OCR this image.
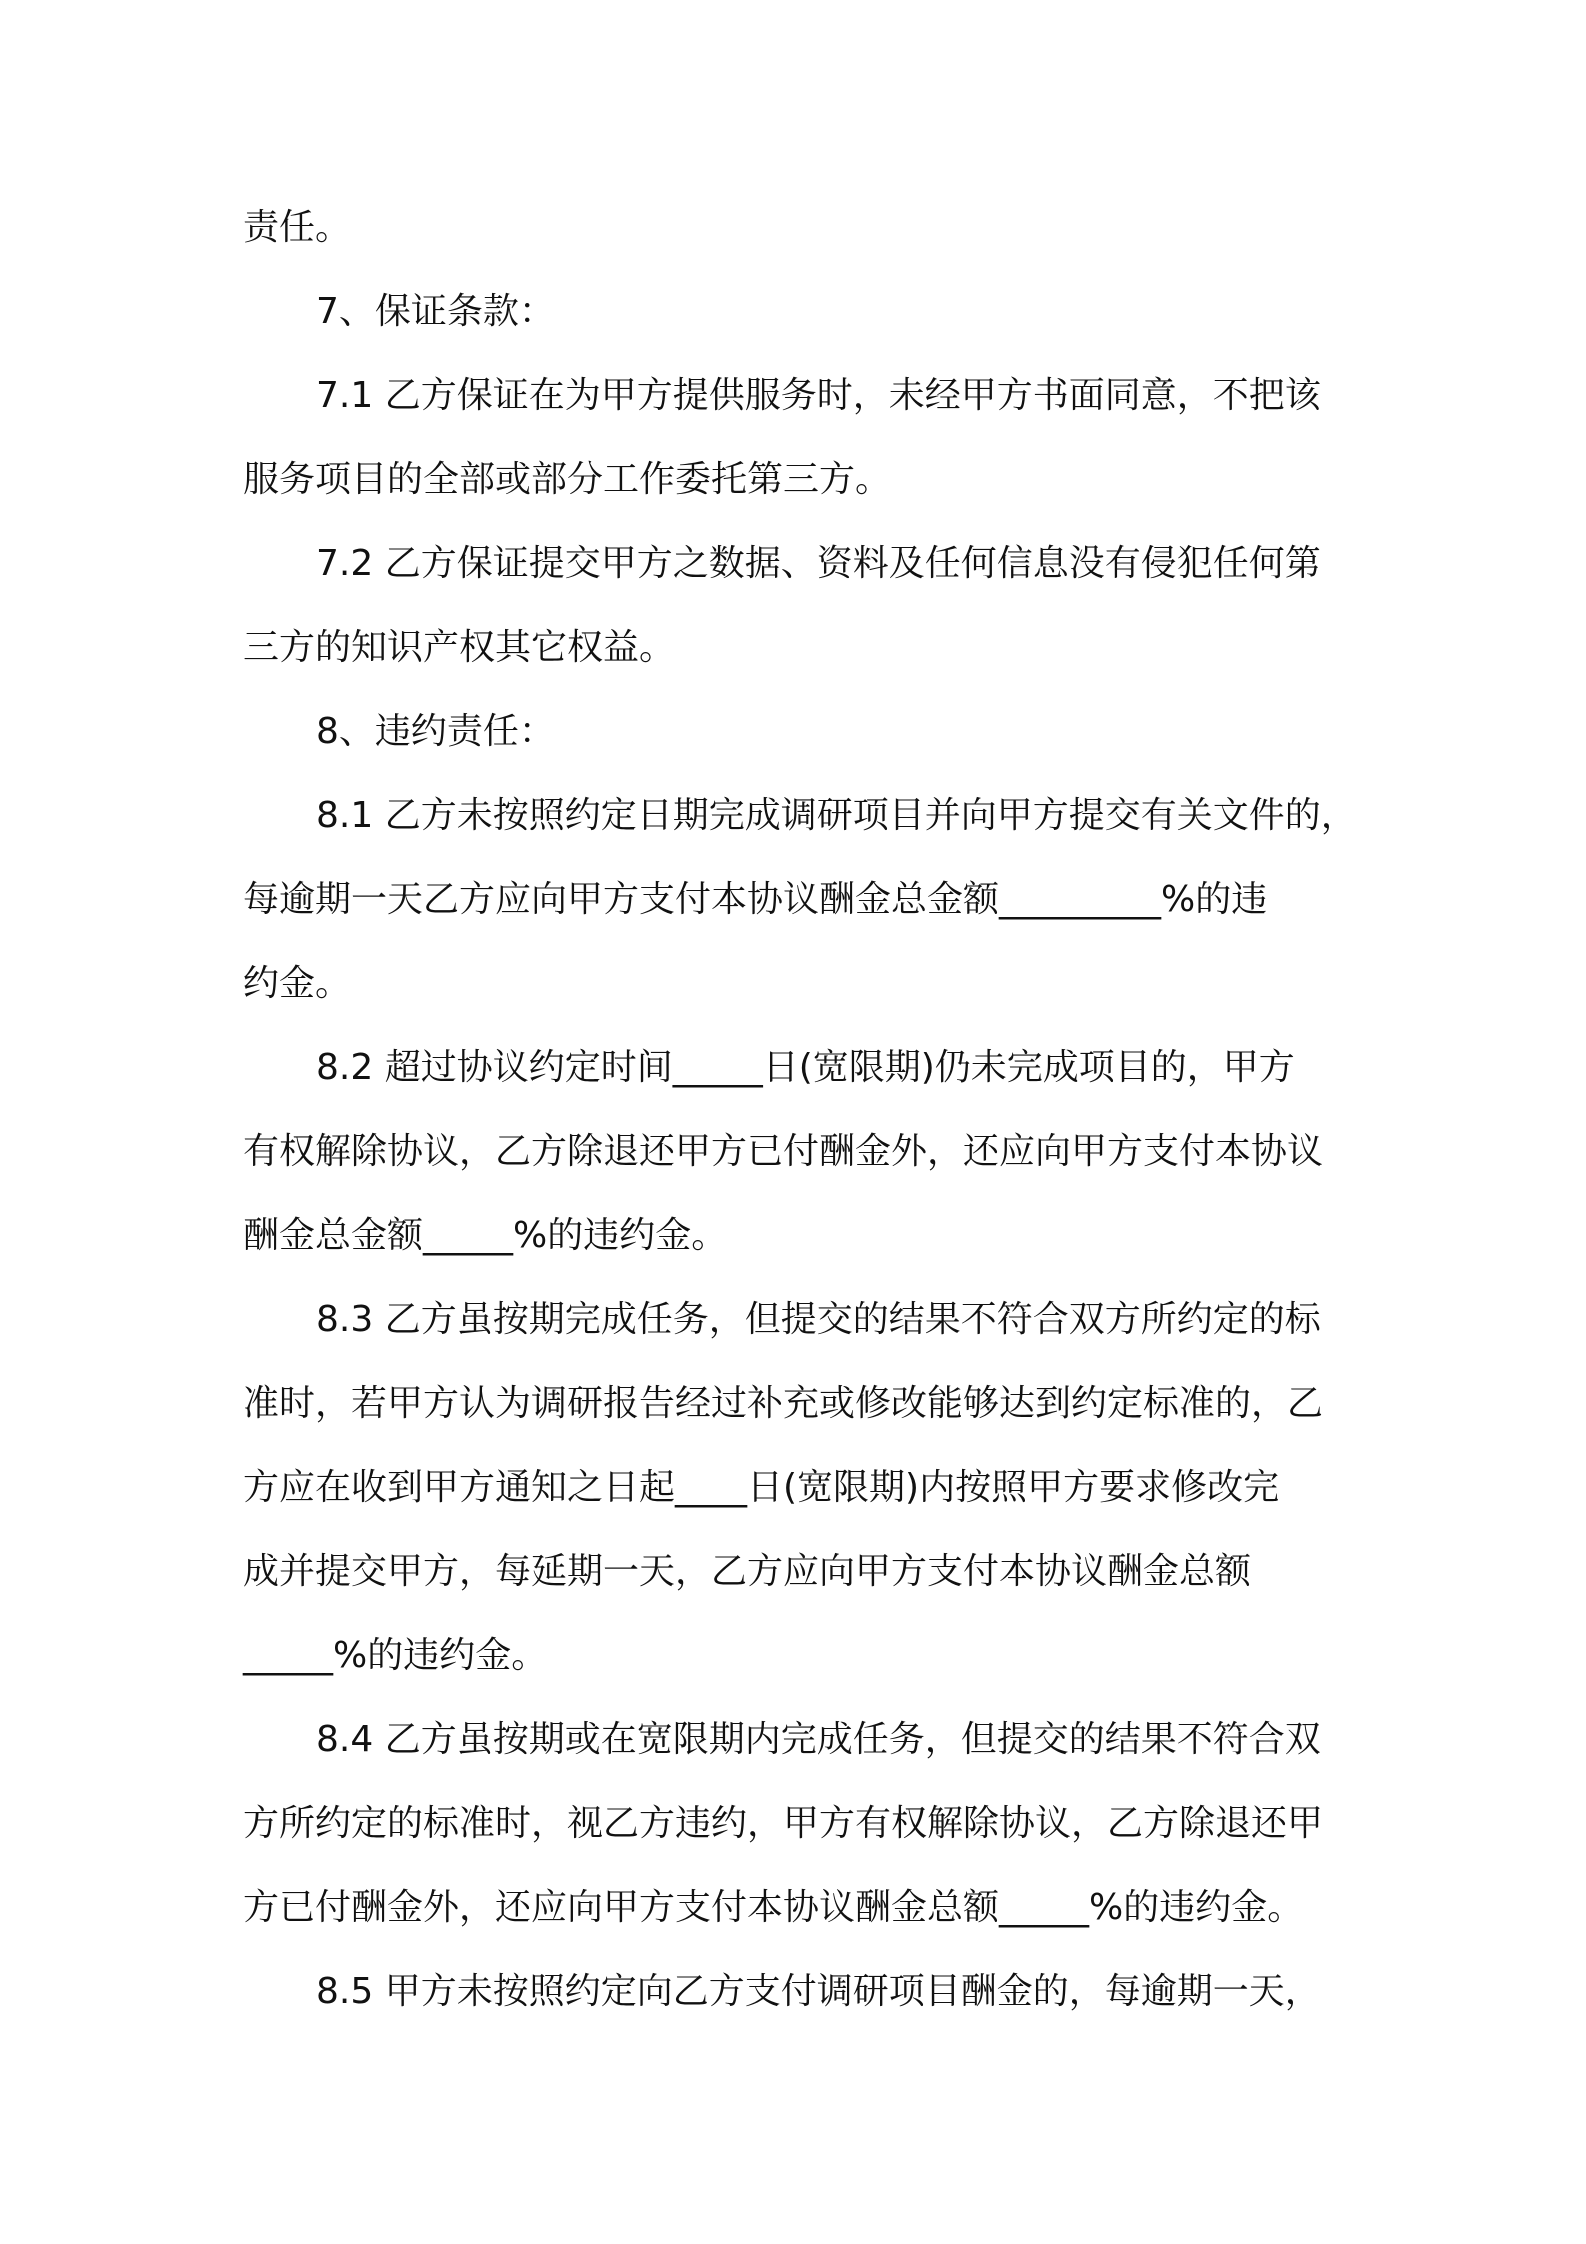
责任。
7、保证条款：
7.1 乙方保证在为甲方提供服务时，未经甲方书面同意，不把该
服务项目的全部或部分工作委托第三方。
7.2 乙方保证提交甲方之数据、资料及任何信息没有侵犯任何第
三方的知识产权其它权益。
8、违约责任：
8.1 乙方未按照约定日期完成调研项目并向甲方提交有关文件的，
每逾期一天乙方应向甲方支付本协议酬金总金额_________%的违
约金。
8.2 超过协议约定时间_____日(宽限期)仍未完成项目的，甲方
有权解除协议，乙方除退还甲方已付酬金外，还应向甲方支付本协议
酬金总金额_____%的违约金。
8.3 乙方虽按期完成任务，但提交的结果不符合双方所约定的标
准时，若甲方认为调研报告经过补充或修改能够达到约定标准的，乙
方应在收到甲方通知之日起____日(宽限期)内按照甲方要求修改完
成并提交甲方，每延期一天，乙方应向甲方支付本协议酬金总额
_____%的违约金。
8.4 乙方虽按期或在宽限期内完成任务，但提交的结果不符合双
方所约定的标准时，视乙方违约，甲方有权解除协议，乙方除退还甲
方已付酬金外，还应向甲方支付本协议酬金总额_____%的违约金。
8.5 甲方未按照约定向乙方支付调研项目酬金的，每逾期一天，
